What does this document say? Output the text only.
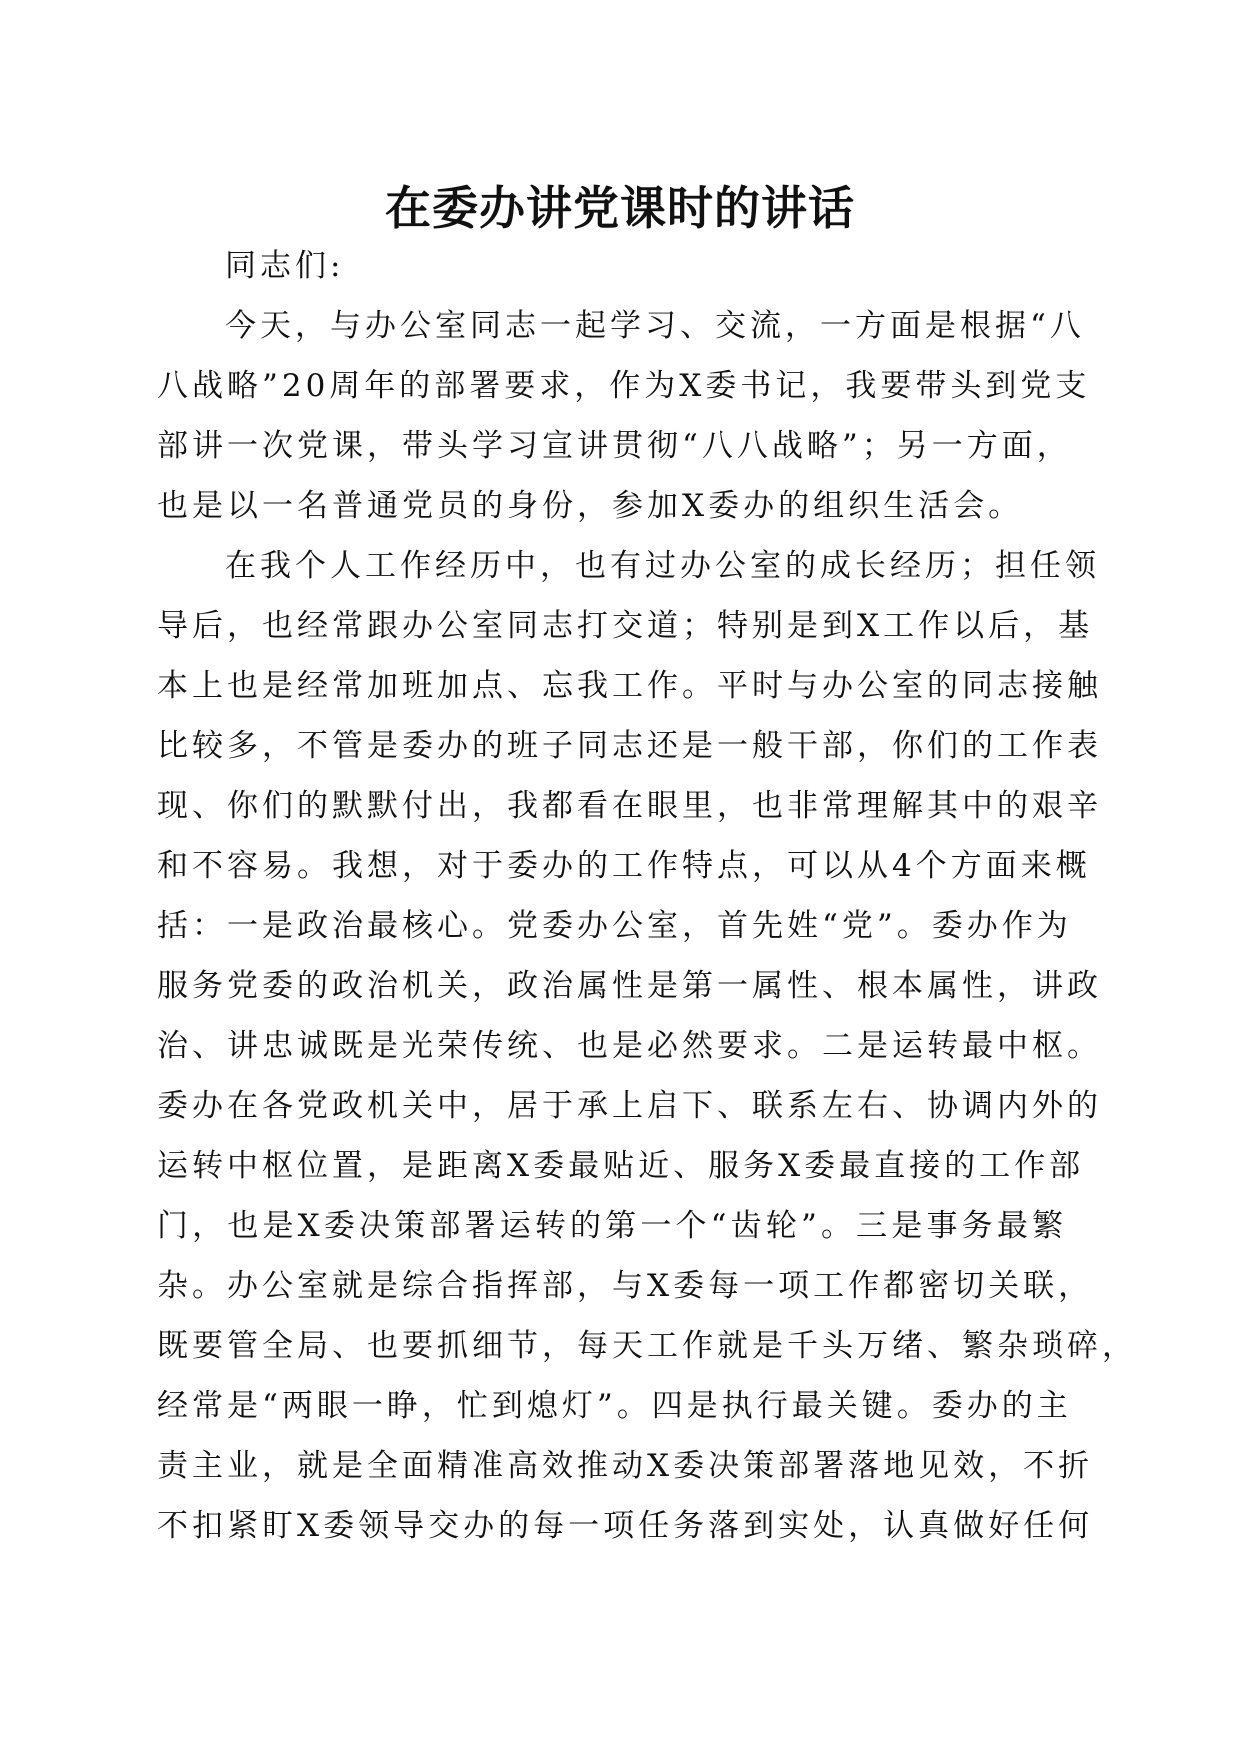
在委办讲党课时的讲话
同志们:
今天，与办公室同志一起学习、交流，一方面是根据“八
八战略”20周年的部署要求，作为X委书记，我要带头到党支
部讲一次党课，带头学习宣讲贯彻“八八战略”；另一方面，
也是以一名普通党员的身份，参加X委办的组织生活会。
在我个人工作经历中，也有过办公室的成长经历；担任领
导后，也经常跟办公室同志打交道；特别是到X工作以后，基
本上也是经常加班加点、忘我工作。平时与办公室的同志接触
比较多，不管是委办的班子同志还是一般干部，你们的工作表
现、你们的默默付出，我都看在眼里，也非常理解其中的艰辛
和不容易。我想，对于委办的工作特点，可以从4个方面来概
括：一是政治最核心。党委办公室，首先姓“党”。委办作为
服务党委的政治机关，政治属性是第一属性、根本属性，讲政
治、讲忠诚既是光荣传统、也是必然要求。二是运转最中枢。
委办在各党政机关中，居于承上启下、联系左右、协调内外的
运转中枢位置，是距离X委最贴近、服务X委最直接的工作部
门，也是X委决策部署运转的第一个“齿轮”。三是事务最繁
杂。办公室就是综合指挥部，与X委每一项工作都密切关联，
既要管全局、也要抓细节，每天工作就是千头万绪、繁杂琐碎，
经常是“两眼一睁，忙到熄灯”。四是执行最关键。委办的主
责主业，就是全面精准高效推动X委决策部署落地见效，不折
不扣紧盯X委领导交办的每一项任务落到实处，认真做好任何
